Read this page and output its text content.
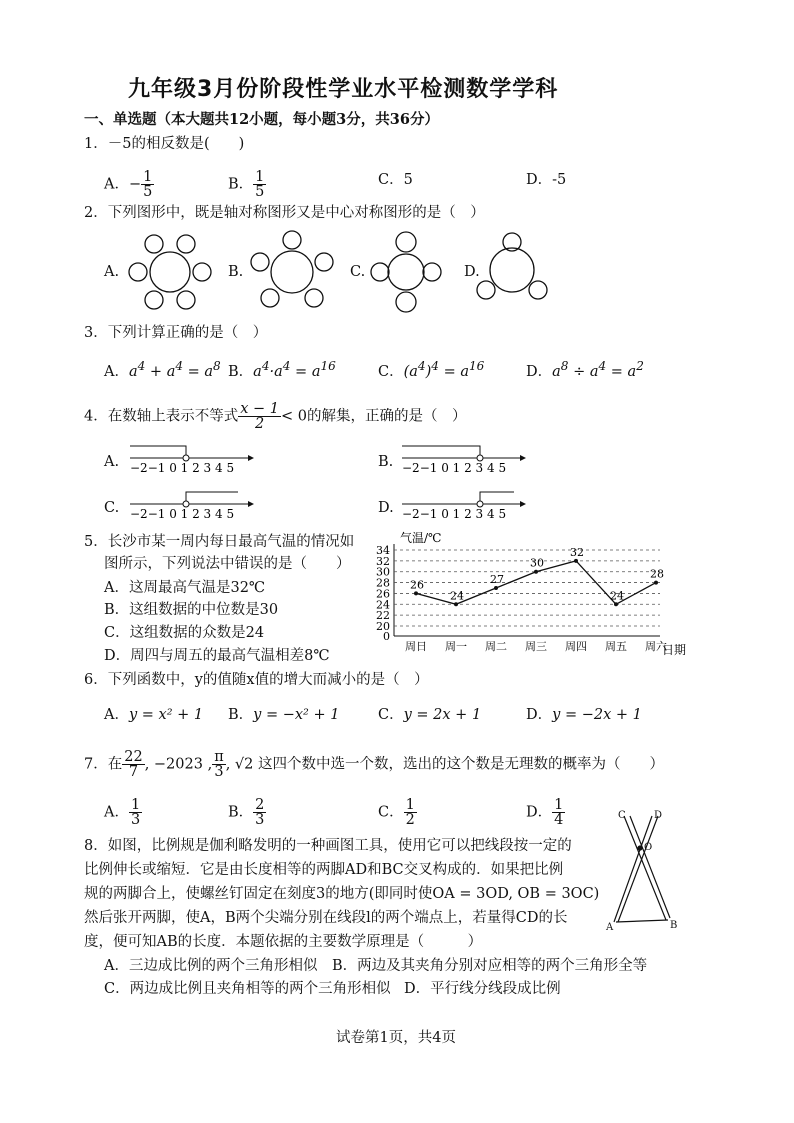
九年级3月份阶段性学业水平检测数学学科
一、单选题（本大题共12小题，每小题3分，共36分）
1．－5的相反数是(　　)
A．− $\frac{1}{5}$	B． $\frac{1}{5}$	C．5	D．-5
2．下列图形中，既是轴对称图形又是中心对称图形的是（　）
A.	B.	C.	D.
3．下列计算正确的是（　）
A．$a^4 + a^4 = a^8$ B．$a^4\cdot a^4 = a^{16}$	C．$(a^4)^4 = a^{16}$	D．$a^8 \div a^4 = a^2$
4．在数轴上表示不等式 $\frac{x - 1}{2} < 0$的解集，正确的是（　）
A.	B.
C.	D.
−2−1 0 1 2 3 4 5	−2−1 0 1 2 3 4 5
−2−1 0 1 2 3 4 5	−2−1 0 1 2 3 4 5
5．长沙市某一周内每日最高气温的情况如
图所示，下列说法中错误的是（　　）
A．这周最高气温是32℃
B．这组数据的中位数是30
C．这组数据的众数是24
D．周四与周五的最高气温相差8℃
气温/℃
日期
0
20
22
24
26
28
30
32
34
周日 周一 周二 周三 周四 周五 周六
26
24
27
30
32
24
28
6．下列函数中，y的值随x值的增大而减小的是（　）
A．y = x² + 1 B．y = −x² + 1	C．y = 2x + 1	D．y = −2x + 1
7．在 $\frac{22}{7}$ , −2023 , $\frac{\pi}{3}$ , √2 这四个数中选一个数，选出的这个数是无理数的概率为（　　）
A． $\frac{1}{3}$	B． $\frac{2}{3}$	C． $\frac{1}{2}$	D． $\frac{1}{4}$
8．如图，比例规是伽利略发明的一种画图工具，使用它可以把线段按一定的
比例伸长或缩短．它是由长度相等的两脚AD和BC交叉构成的．如果把比例
规的两脚合上，使螺丝钉固定在刻度3的地方(即同时使OA = 3OD, OB = 3OC)
然后张开两脚，使A，B两个尖端分别在线段l的两个端点上，若量得CD的长
度，便可知AB的长度．本题依据的主要数学原理是（　　　）
A．三边成比例的两个三角形相似 B．两边及其夹角分别对应相等的两个三角形全等
C．两边成比例且夹角相等的两个三角形相似 D．平行线分线段成比例
C	D
O
A	B
试卷第1页，共4页
